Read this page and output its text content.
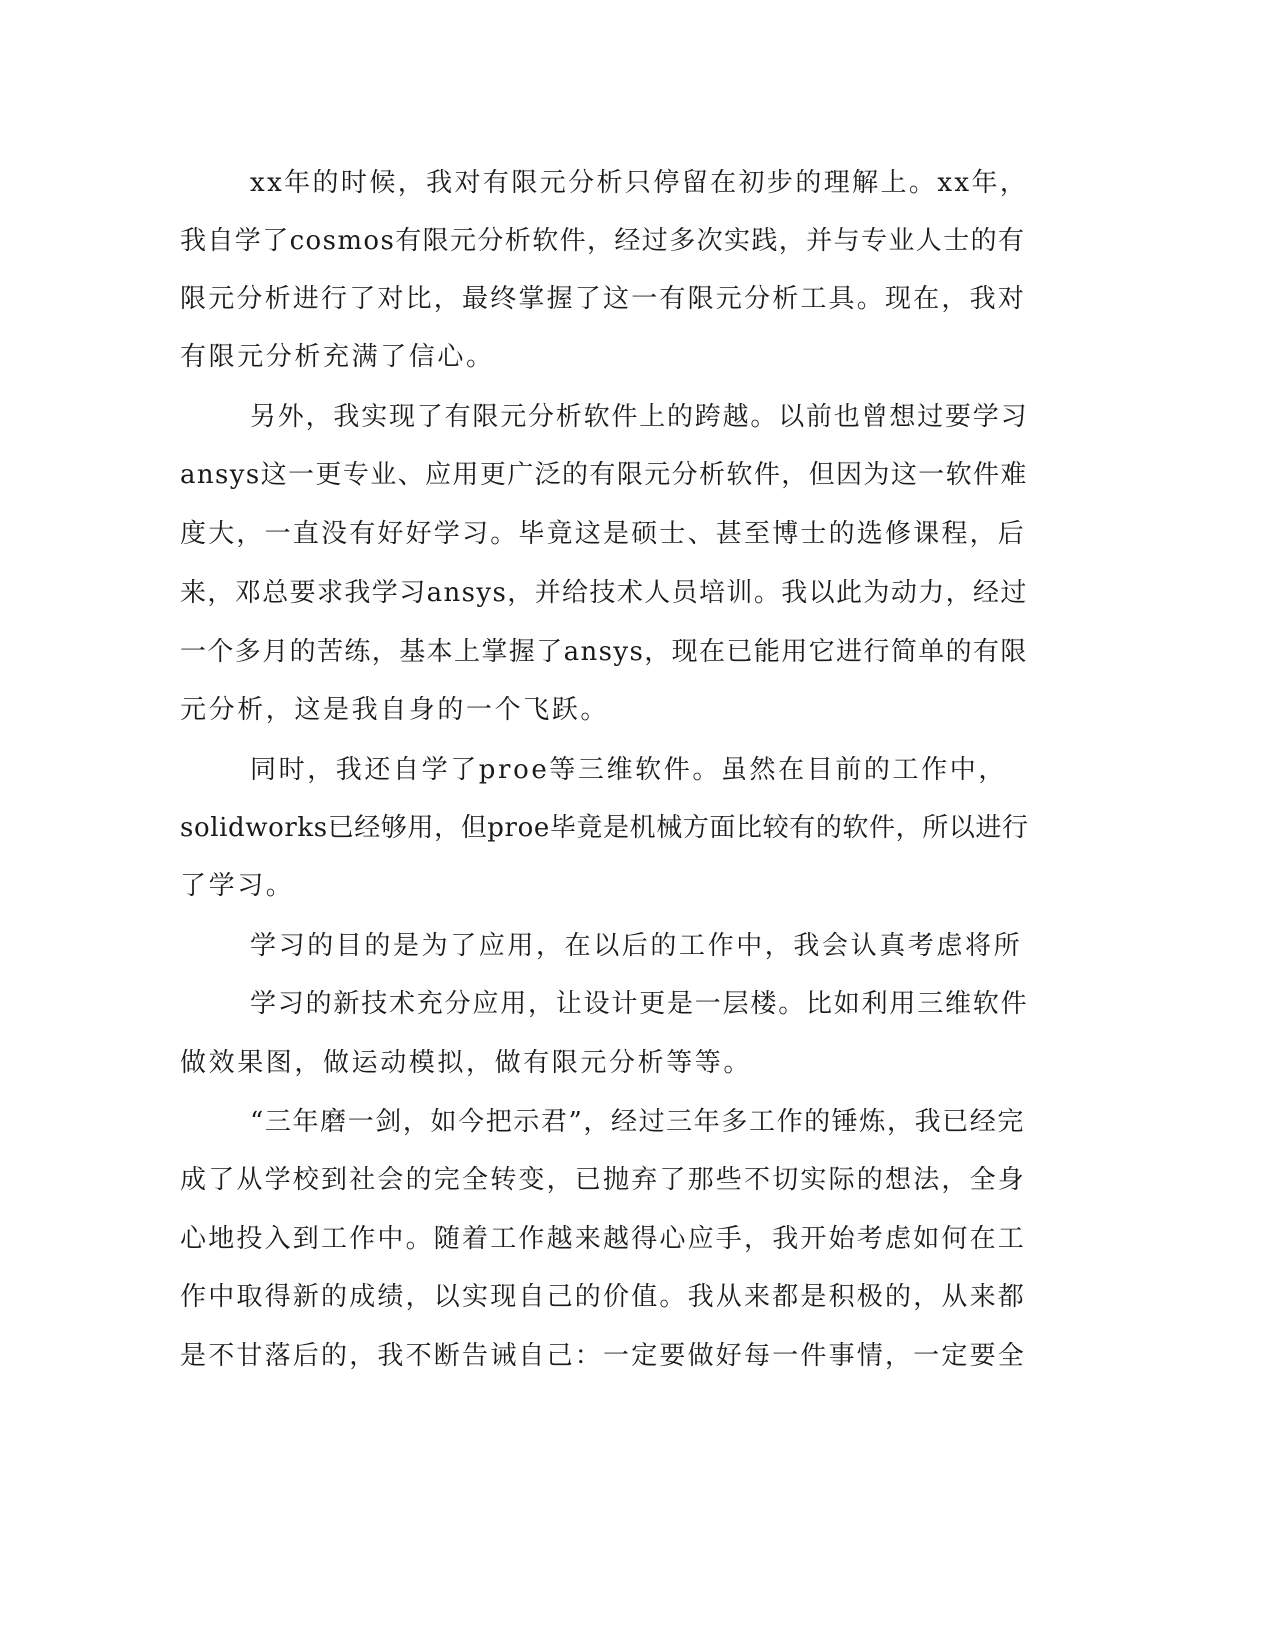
xx年的时候，我对有限元分析只停留在初步的理解上。xx年，
我自学了cosmos有限元分析软件，经过多次实践，并与专业人士的有
限元分析进行了对比，最终掌握了这一有限元分析工具。现在，我对
有限元分析充满了信心。
另外，我实现了有限元分析软件上的跨越。以前也曾想过要学习
ansys这一更专业、应用更广泛的有限元分析软件，但因为这一软件难
度大，一直没有好好学习。毕竟这是硕士、甚至博士的选修课程，后
来，邓总要求我学习ansys，并给技术人员培训。我以此为动力，经过
一个多月的苦练，基本上掌握了ansys，现在已能用它进行简单的有限
元分析，这是我自身的一个飞跃。
同时，我还自学了proe等三维软件。虽然在目前的工作中，
solidworks已经够用，但proe毕竟是机械方面比较有的软件，所以进行
了学习。
学习的目的是为了应用，在以后的工作中，我会认真考虑将所
学习的新技术充分应用，让设计更是一层楼。比如利用三维软件
做效果图，做运动模拟，做有限元分析等等。
“三年磨一剑，如今把示君”，经过三年多工作的锤炼，我已经完
成了从学校到社会的完全转变，已抛弃了那些不切实际的想法，全身
心地投入到工作中。随着工作越来越得心应手，我开始考虑如何在工
作中取得新的成绩，以实现自己的价值。我从来都是积极的，从来都
是不甘落后的，我不断告诫自己：一定要做好每一件事情，一定要全
